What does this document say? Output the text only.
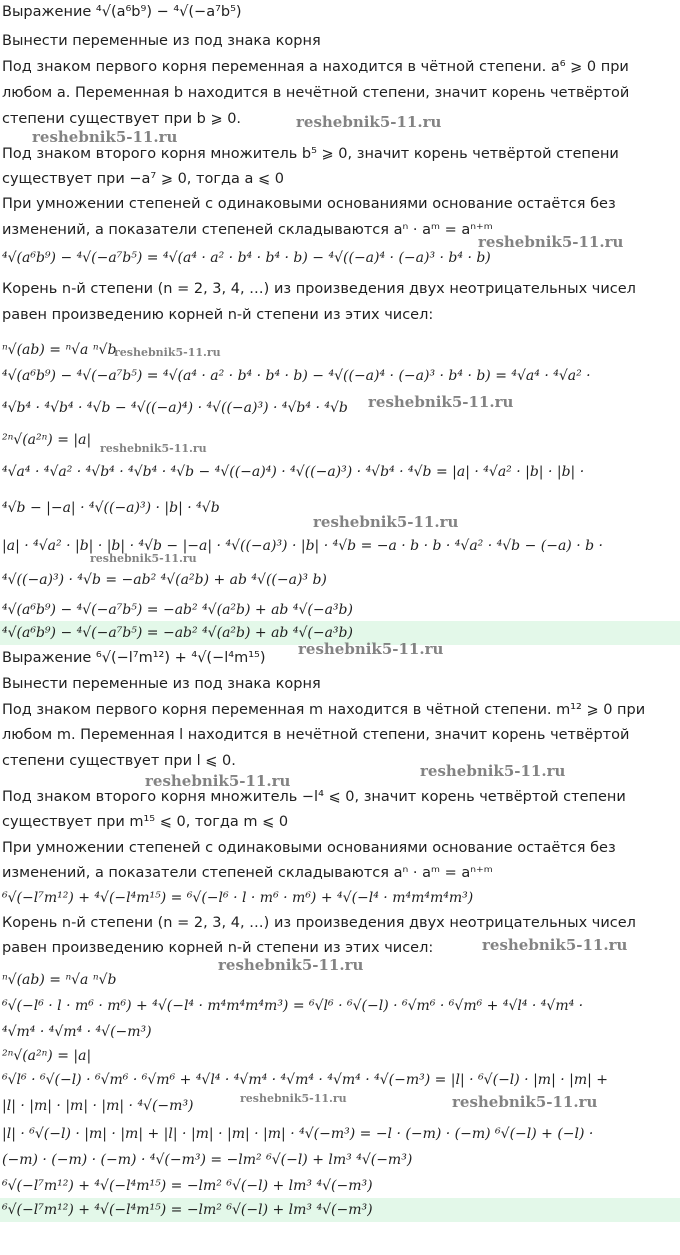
Выражение ⁴√(a⁶b⁹) − ⁴√(−a⁷b⁵)
Вынести переменные из под знака корня
Под знаком первого корня переменная a находится в чётной степени. a⁶ ⩾ 0 при
любом a. Переменная b находится в нечётной степени, значит корень четвёртой
степени существует при b ⩾ 0.
Под знаком второго корня множитель b⁵ ⩾ 0, значит корень четвёртой степени
существует при −a⁷ ⩾ 0, тогда a ⩽ 0
При умножении степеней с одинаковыми основаниями основание остаётся без
изменений, а показатели степеней складываются aⁿ · aᵐ = aⁿ⁺ᵐ
⁴√(a⁶b⁹) − ⁴√(−a⁷b⁵) = ⁴√(a⁴ · a² · b⁴ · b⁴ · b) − ⁴√((−a)⁴ · (−a)³ · b⁴ · b)
Корень n-й степени (n = 2, 3, 4, …) из произведения двух неотрицательных чисел
равен произведению корней n-й степени из этих чисел:
ⁿ√(ab) = ⁿ√a ⁿ√b
⁴√(a⁶b⁹) − ⁴√(−a⁷b⁵) = ⁴√(a⁴ · a² · b⁴ · b⁴ · b) − ⁴√((−a)⁴ · (−a)³ · b⁴ · b) = ⁴√a⁴ · ⁴√a² ·
⁴√b⁴ · ⁴√b⁴ · ⁴√b − ⁴√((−a)⁴) · ⁴√((−a)³) · ⁴√b⁴ · ⁴√b
²ⁿ√(a²ⁿ) = |a|
⁴√a⁴ · ⁴√a² · ⁴√b⁴ · ⁴√b⁴ · ⁴√b − ⁴√((−a)⁴) · ⁴√((−a)³) · ⁴√b⁴ · ⁴√b = |a| · ⁴√a² · |b| · |b| ·
⁴√b − |−a| · ⁴√((−a)³) · |b| · ⁴√b
|a| · ⁴√a² · |b| · |b| · ⁴√b − |−a| · ⁴√((−a)³) · |b| · ⁴√b = −a · b · b · ⁴√a² · ⁴√b − (−a) · b ·
⁴√((−a)³) · ⁴√b = −ab² ⁴√(a²b) + ab ⁴√((−a)³ b)
⁴√(a⁶b⁹) − ⁴√(−a⁷b⁵) = −ab² ⁴√(a²b) + ab ⁴√(−a³b)
⁴√(a⁶b⁹) − ⁴√(−a⁷b⁵) = −ab² ⁴√(a²b) + ab ⁴√(−a³b)
Выражение ⁶√(−l⁷m¹²) + ⁴√(−l⁴m¹⁵)
Вынести переменные из под знака корня
Под знаком первого корня переменная m находится в чётной степени. m¹² ⩾ 0 при
любом m. Переменная l находится в нечётной степени, значит корень четвёртой
степени существует при l ⩽ 0.
Под знаком второго корня множитель −l⁴ ⩽ 0, значит корень четвёртой степени
существует при m¹⁵ ⩽ 0, тогда m ⩽ 0
При умножении степеней с одинаковыми основаниями основание остаётся без
изменений, а показатели степеней складываются aⁿ · aᵐ = aⁿ⁺ᵐ
⁶√(−l⁷m¹²) + ⁴√(−l⁴m¹⁵) = ⁶√(−l⁶ · l · m⁶ · m⁶) + ⁴√(−l⁴ · m⁴m⁴m⁴m³)
Корень n-й степени (n = 2, 3, 4, …) из произведения двух неотрицательных чисел
равен произведению корней n-й степени из этих чисел:
ⁿ√(ab) = ⁿ√a ⁿ√b
⁶√(−l⁶ · l · m⁶ · m⁶) + ⁴√(−l⁴ · m⁴m⁴m⁴m³) = ⁶√l⁶ · ⁶√(−l) · ⁶√m⁶ · ⁶√m⁶ + ⁴√l⁴ · ⁴√m⁴ ·
⁴√m⁴ · ⁴√m⁴ · ⁴√(−m³)
²ⁿ√(a²ⁿ) = |a|
⁶√l⁶ · ⁶√(−l) · ⁶√m⁶ · ⁶√m⁶ + ⁴√l⁴ · ⁴√m⁴ · ⁴√m⁴ · ⁴√m⁴ · ⁴√(−m³) = |l| · ⁶√(−l) · |m| · |m| +
|l| · |m| · |m| · |m| · ⁴√(−m³)
|l| · ⁶√(−l) · |m| · |m| + |l| · |m| · |m| · |m| · ⁴√(−m³) = −l · (−m) · (−m) ⁶√(−l) + (−l) ·
(−m) · (−m) · (−m) · ⁴√(−m³) = −lm² ⁶√(−l) + lm³ ⁴√(−m³)
⁶√(−l⁷m¹²) + ⁴√(−l⁴m¹⁵) = −lm² ⁶√(−l) + lm³ ⁴√(−m³)
⁶√(−l⁷m¹²) + ⁴√(−l⁴m¹⁵) = −lm² ⁶√(−l) + lm³ ⁴√(−m³)
reshebnik5-11.ru
reshebnik5-11.ru
reshebnik5-11.ru
reshebnik5-11.ru
reshebnik5-11.ru
reshebnik5-11.ru
reshebnik5-11.ru
reshebnik5-11.ru
reshebnik5-11.ru
reshebnik5-11.ru
reshebnik5-11.ru
reshebnik5-11.ru
reshebnik5-11.ru
reshebnik5-11.ru	reshebnik5-11.ru
